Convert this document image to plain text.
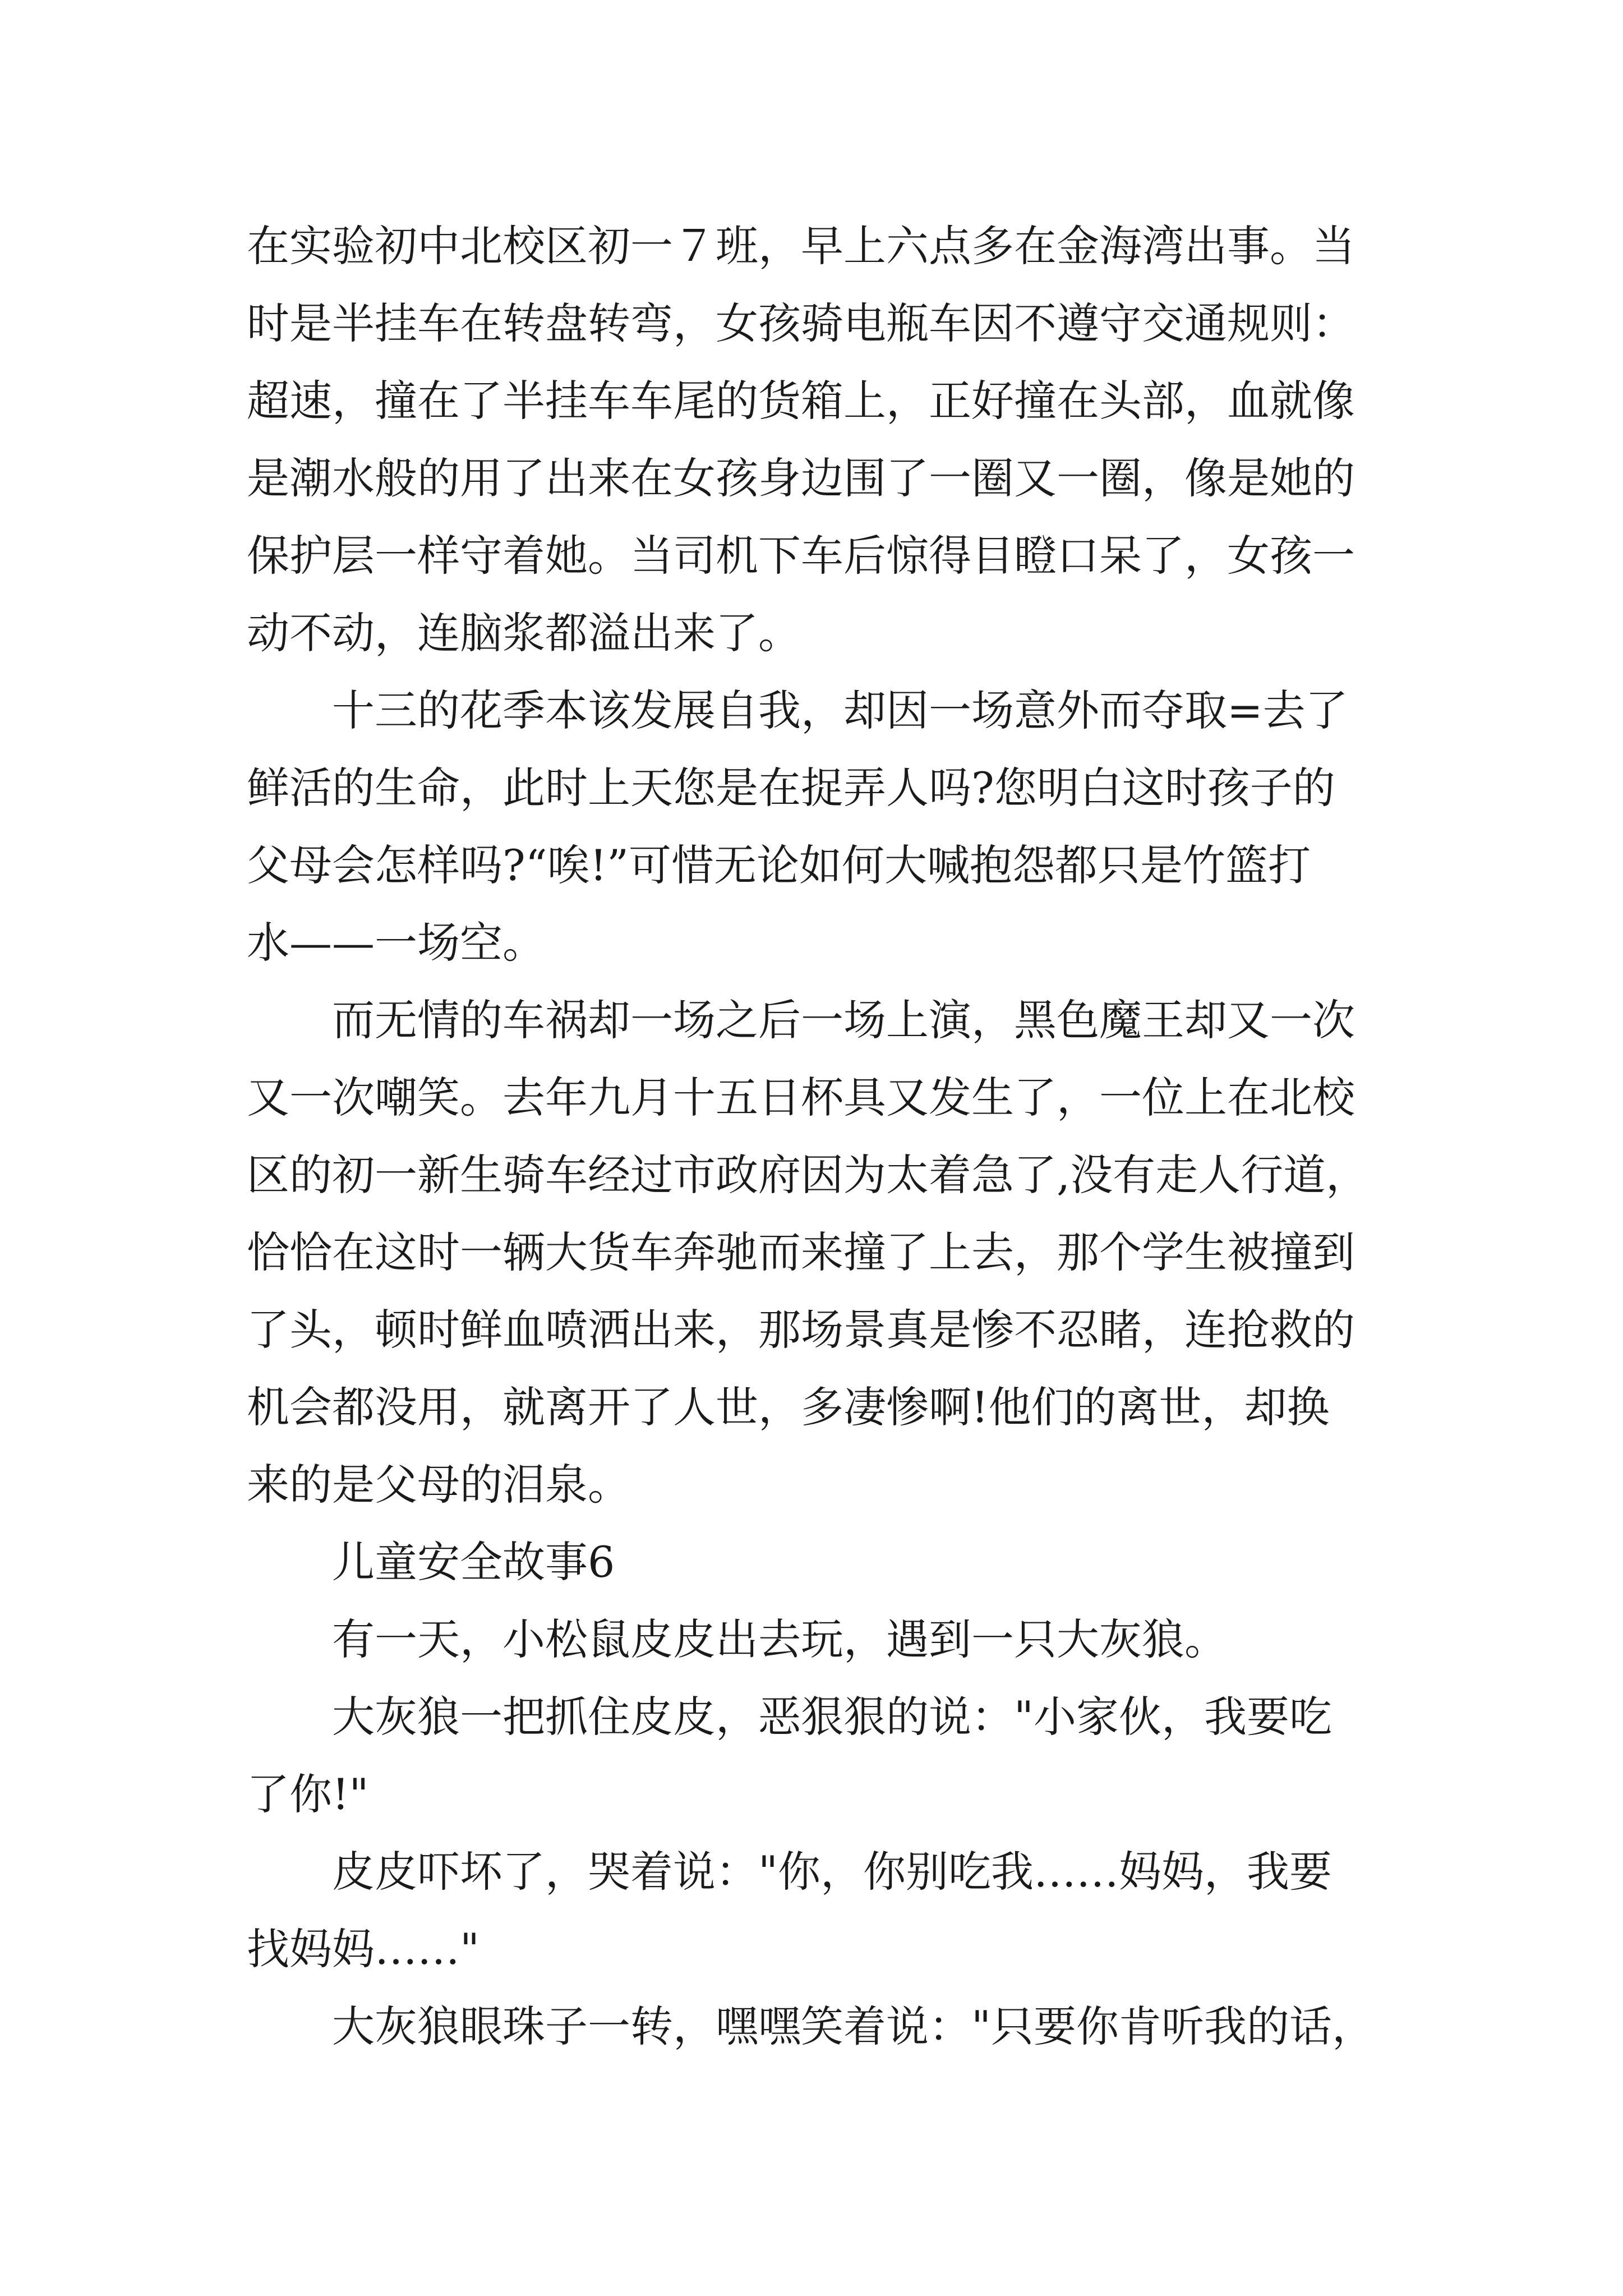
在实验初中北校区初一７班，早上六点多在金海湾出事。当
时是半挂车在转盘转弯，女孩骑电瓶车因不遵守交通规则：
超速，撞在了半挂车车尾的货箱上，正好撞在头部，血就像
是潮水般的用了出来在女孩身边围了一圈又一圈，像是她的
保护层一样守着她。当司机下车后惊得目瞪口呆了，女孩一
动不动，连脑浆都溢出来了。
十三的花季本该发展自我，却因一场意外而夺取=去了
鲜活的生命，此时上天您是在捉弄人吗?您明白这时孩子的
父母会怎样吗?“唉!”可惜无论如何大喊抱怨都只是竹篮打
水——一场空。
而无情的车祸却一场之后一场上演，黑色魔王却又一次
又一次嘲笑。去年九月十五日杯具又发生了，一位上在北校
区的初一新生骑车经过市政府因为太着急了,没有走人行道，
恰恰在这时一辆大货车奔驰而来撞了上去，那个学生被撞到
了头，顿时鲜血喷洒出来，那场景真是惨不忍睹，连抢救的
机会都没用，就离开了人世，多凄惨啊!他们的离世，却换
来的是父母的泪泉。
儿童安全故事6
有一天，小松鼠皮皮出去玩，遇到一只大灰狼。
大灰狼一把抓住皮皮，恶狠狠的说："小家伙，我要吃
了你!"
皮皮吓坏了，哭着说："你，你别吃我……妈妈，我要
找妈妈……"
大灰狼眼珠子一转，嘿嘿笑着说："只要你肯听我的话，
